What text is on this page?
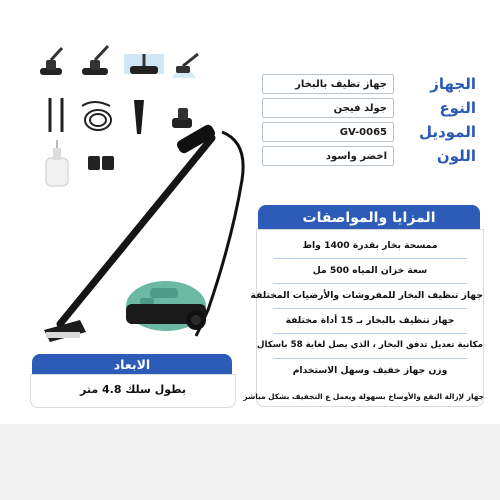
جهاز تظيف بالبخار	الجهاز
جولد فيجن	النوع
GV-0065	الموديل
اخضر واسود	اللون
المزايا والمواصفات
ممسحة بخار بقدرة 1400 واط
سعة خزان المياه 500 مل
جهاز تنظيف البخار للمفروشات والأرضيات المختلفة
جهاز تنظيف بالبخار بـ 15 أداة مختلفة
مكانية تعديل تدفق البخار ، الذي يصل لغاية 58 باسكال
وزن جهاز خفيف وسهل الاستخدام
جهاز لإزالة البقع والأوساخ بسهولة ويعمل ع التجفيف بشكل مباشر
الابعاد
بطول سلك 4.8 متر
